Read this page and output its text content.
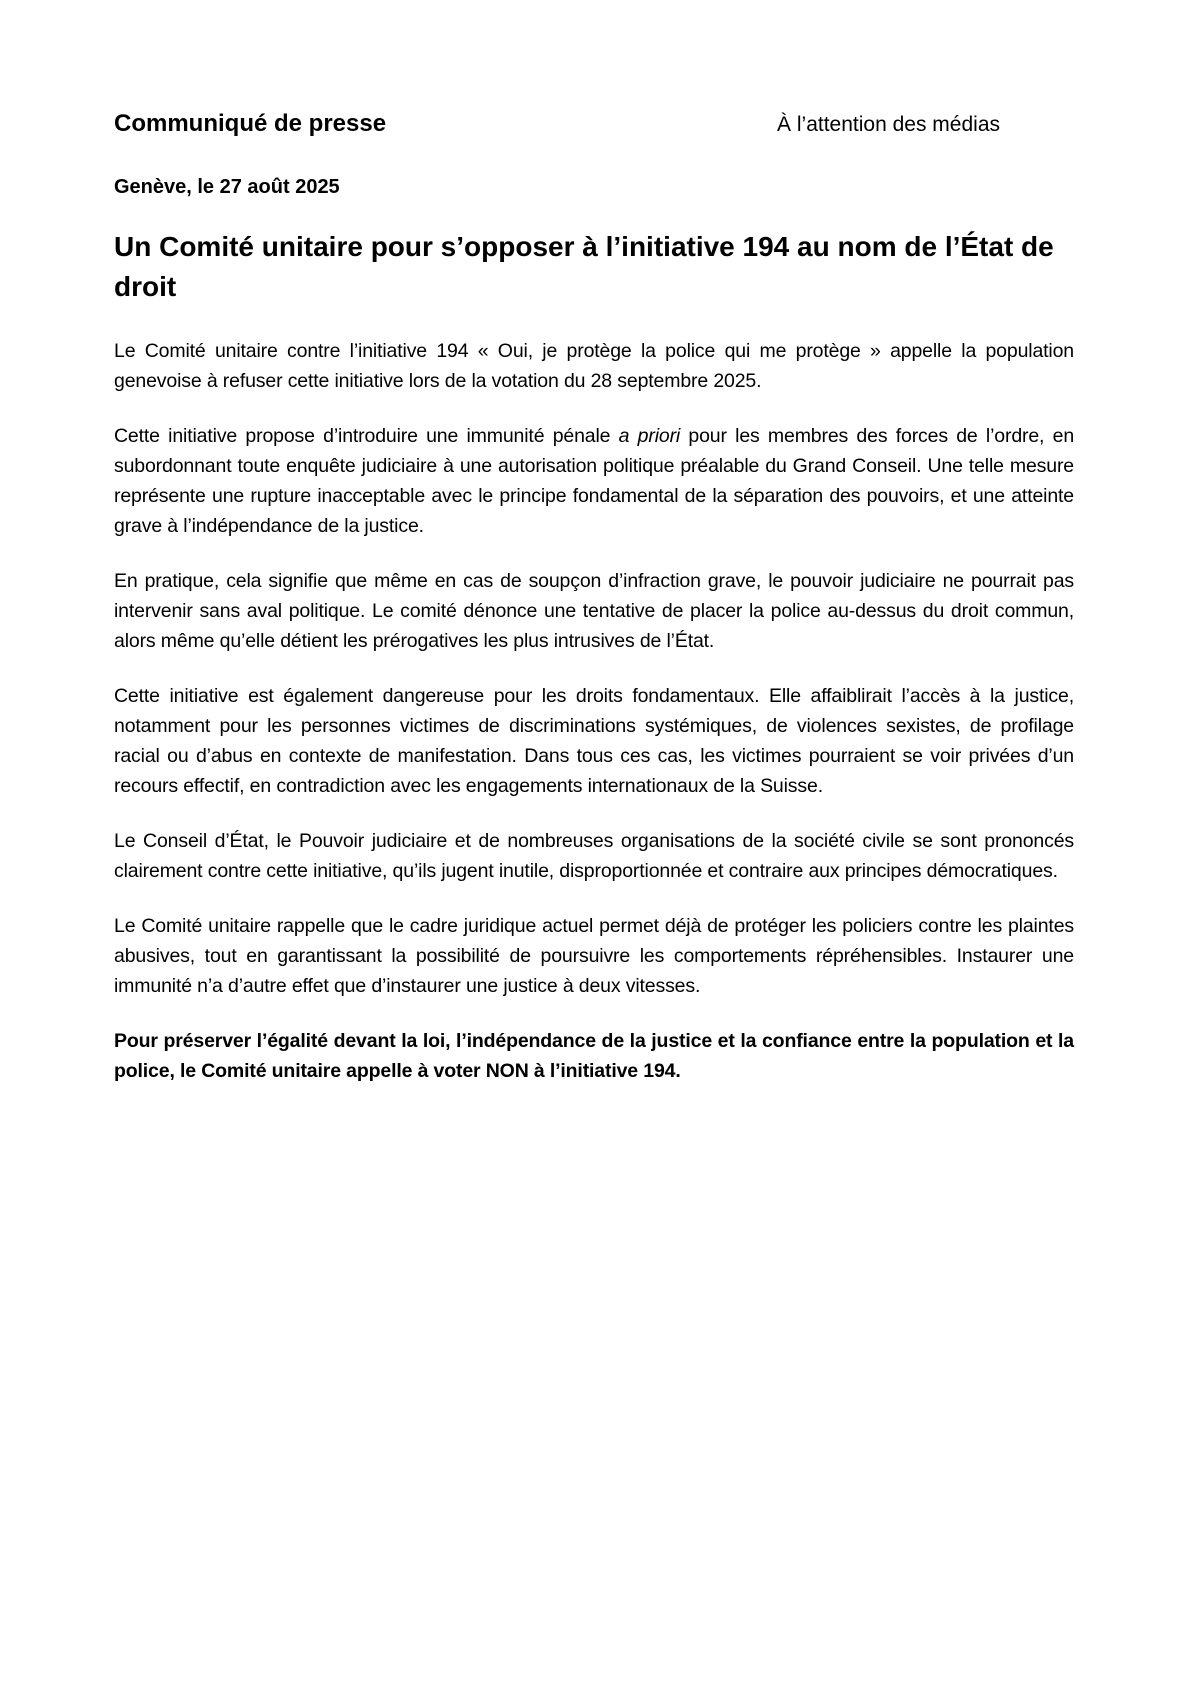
Communiqué de presse	À l’attention des médias
Genève, le 27 août 2025
Un Comité unitaire pour s’opposer à l’initiative 194 au nom de l’État de droit

Le Comité unitaire contre l’initiative 194 « Oui, je protège la police qui me protège » appelle la population genevoise à refuser cette initiative lors de la votation du 28 septembre 2025.

Cette initiative propose d’introduire une immunité pénale a priori pour les membres des forces de l’ordre, en subordonnant toute enquête judiciaire à une autorisation politique préalable du Grand Conseil. Une telle mesure représente une rupture inacceptable avec le principe fondamental de la séparation des pouvoirs, et une atteinte grave à l’indépendance de la justice.

En pratique, cela signifie que même en cas de soupçon d’infraction grave, le pouvoir judiciaire ne pourrait pas intervenir sans aval politique. Le comité dénonce une tentative de placer la police au-dessus du droit commun, alors même qu’elle détient les prérogatives les plus intrusives de l’État.

Cette initiative est également dangereuse pour les droits fondamentaux. Elle affaiblirait l’accès à la justice, notamment pour les personnes victimes de discriminations systémiques, de violences sexistes, de profilage racial ou d’abus en contexte de manifestation. Dans tous ces cas, les victimes pourraient se voir privées d’un recours effectif, en contradiction avec les engagements internationaux de la Suisse.

Le Conseil d’État, le Pouvoir judiciaire et de nombreuses organisations de la société civile se sont prononcés clairement contre cette initiative, qu’ils jugent inutile, disproportionnée et contraire aux principes démocratiques.

Le Comité unitaire rappelle que le cadre juridique actuel permet déjà de protéger les policiers contre les plaintes abusives, tout en garantissant la possibilité de poursuivre les comportements répréhensibles. Instaurer une immunité n’a d’autre effet que d’instaurer une justice à deux vitesses.

Pour préserver l’égalité devant la loi, l’indépendance de la justice et la confiance entre la population et la police, le Comité unitaire appelle à voter NON à l’initiative 194.
